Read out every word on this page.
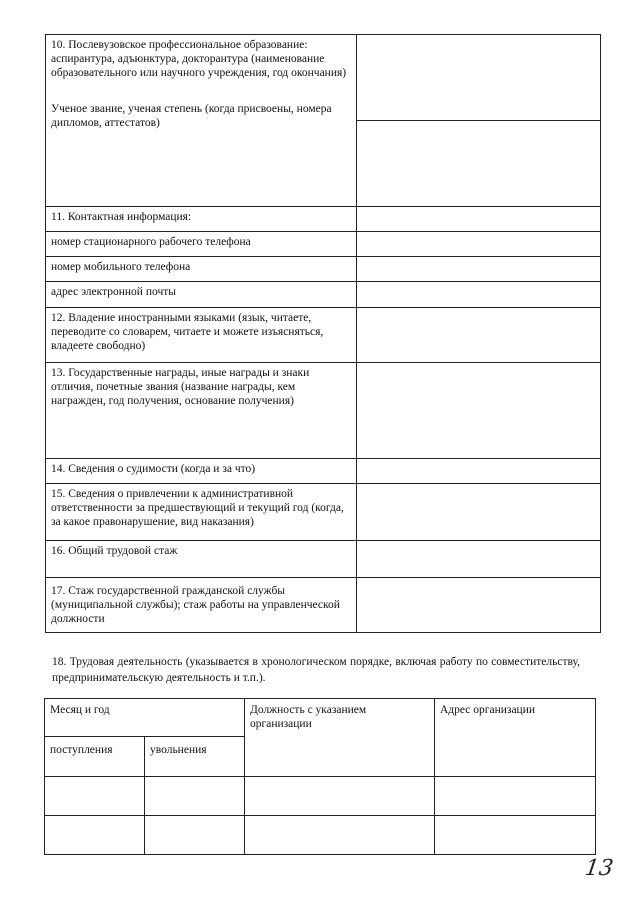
10. Послевузовское профессиональное образование: аспирантура, адъюнктура, докторантура (наименование образовательного или научного учреждения, год окончания)
Ученое звание, ученая степень (когда присвоены, номера дипломов, аттестатов)	

11. Контактная информация:	
номер стационарного рабочего телефона	
номер мобильного телефона	
адрес электронной почты	
12. Владение иностранными языками (язык, читаете, переводите со словарем, читаете и можете изъясняться, владеете свободно)	
13. Государственные награды, иные награды и знаки отличия, почетные звания (название награды, кем награжден, год получения, основание получения)	
14. Сведения о судимости (когда и за что)	
15. Сведения о привлечении к административной ответственности за предшествующий и текущий год (когда, за какое правонарушение, вид наказания)	
16. Общий трудовой стаж	
17. Стаж государственной гражданской службы (муниципальной службы); стаж работы на управленческой должности	
18. Трудовая деятельность (указывается в хронологическом порядке, включая работу по совместительству, предпринимательскую деятельность и т.п.).
Месяц и год		Должность с указанием организации	Адрес организации
поступления	увольнения		

13
